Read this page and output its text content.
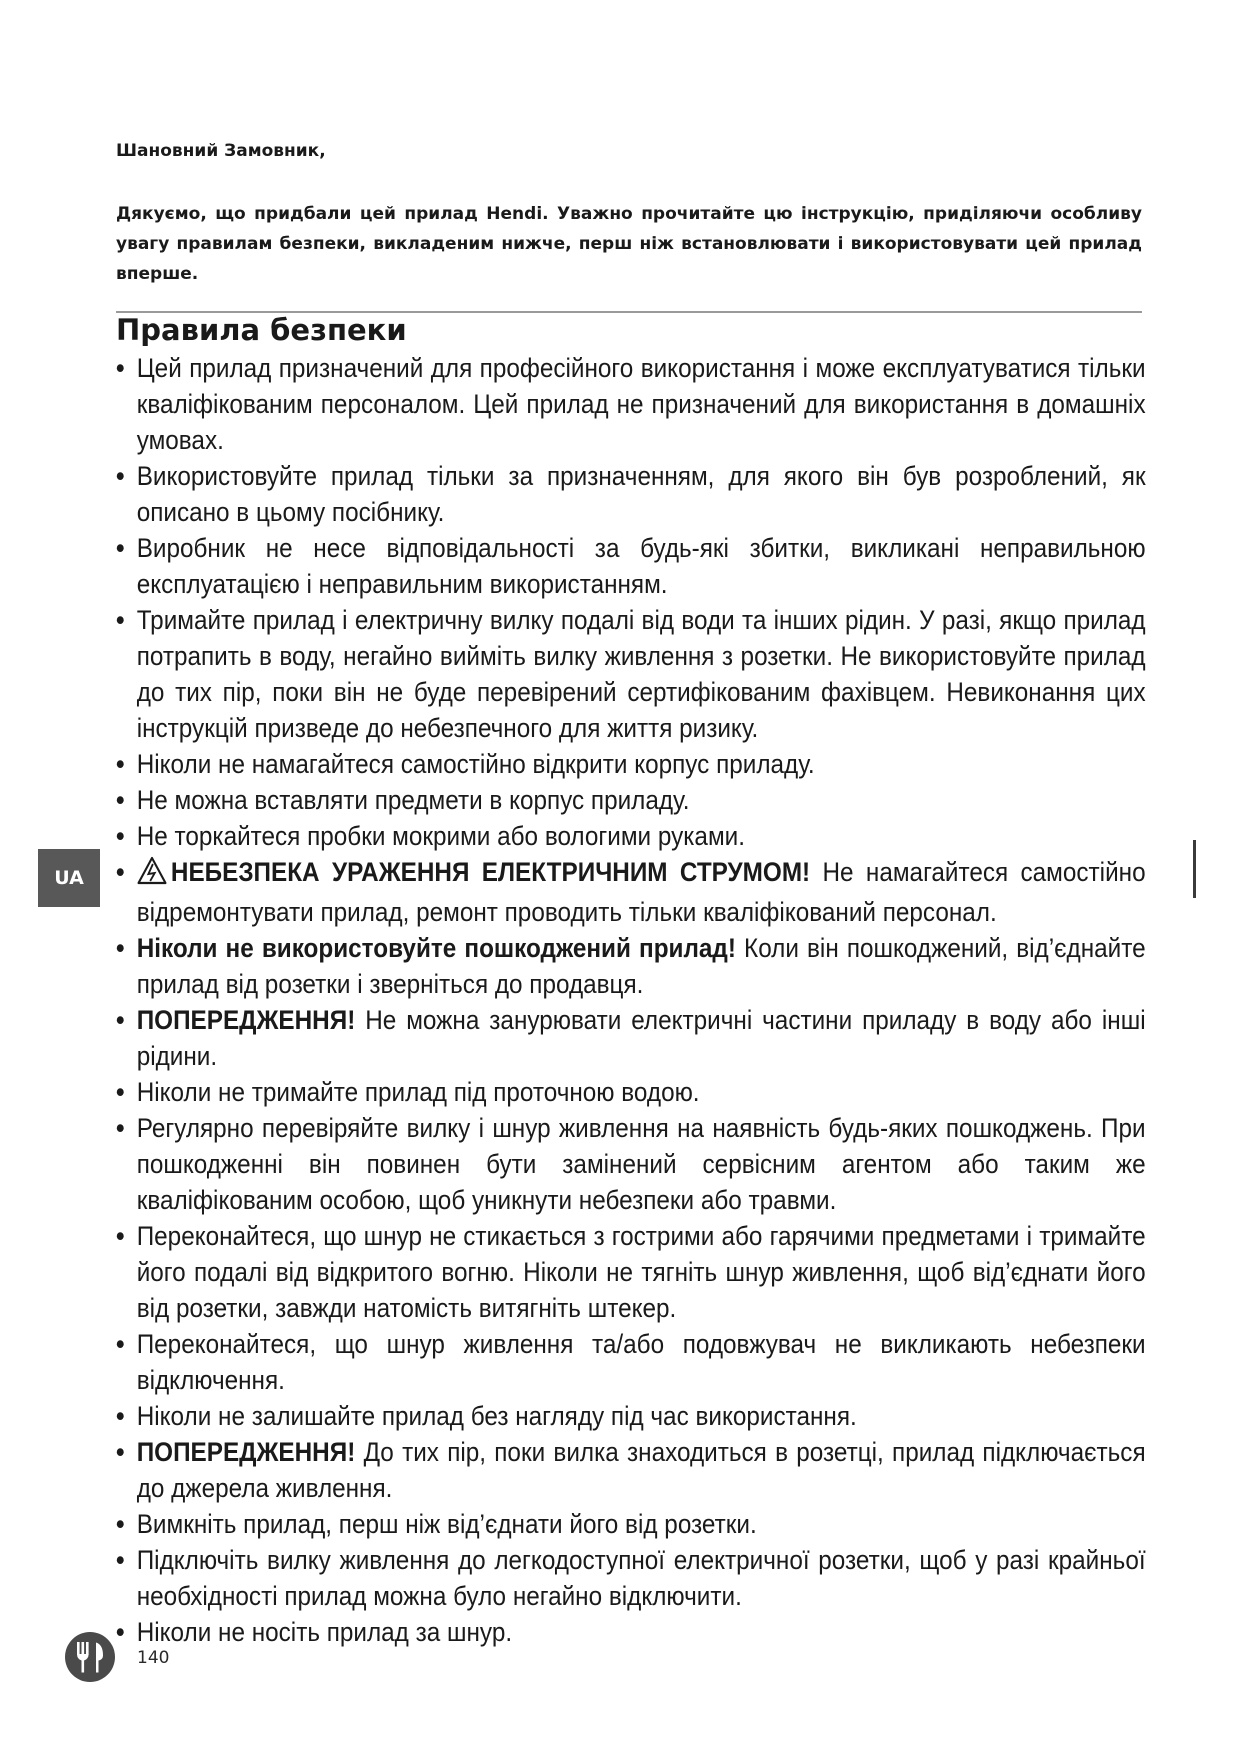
Шановний Замовник,
Дякуємо, що придбали цей прилад Hendi. Уважно прочитайте цю інструкцію, приділяючи особливу увагу правилам безпеки, викладеним нижче, перш ніж встановлювати і використовувати цей прилад вперше.
Правила безпеки
• Цей прилад призначений для професійного використання і може експлуатуватися тільки кваліфікованим персоналом. Цей прилад не призначений для використання в домашніх умовах.
• Використовуйте прилад тільки за призначенням, для якого він був розроблений, як описано в цьому посібнику.
• Виробник не несе відповідальності за будь-які збитки, викликані неправильною експлуатацією і неправильним використанням.
• Тримайте прилад і електричну вилку подалі від води та інших рідин. У разі, якщо прилад потрапить в воду, негайно вийміть вилку живлення з розетки. Не використовуйте прилад до тих пір, поки він не буде перевірений сертифікованим фахівцем. Невиконання цих інструкцій призведе до небезпечного для життя ризику.
• Ніколи не намагайтеся самостійно відкрити корпус приладу.
• Не можна вставляти предмети в корпус приладу.
• Не торкайтеся пробки мокрими або вологими руками.
• НЕБЕЗПЕКА УРАЖЕННЯ ЕЛЕКТРИЧНИМ СТРУМОМ! Не намагайтеся самостійно відремонтувати прилад, ремонт проводить тільки кваліфікований персонал.
• Ніколи не використовуйте пошкоджений прилад! Коли він пошкоджений, від’єднайте прилад від розетки і зверніться до продавця.
• ПОПЕРЕДЖЕННЯ! Не можна занурювати електричні частини приладу в воду або інші рідини.
• Ніколи не тримайте прилад під проточною водою.
• Регулярно перевіряйте вилку і шнур живлення на наявність будь-яких пошкоджень. При пошкодженні він повинен бути замінений сервісним агентом або таким же кваліфікованим особою, щоб уникнути небезпеки або травми.
• Переконайтеся, що шнур не стикається з гострими або гарячими предметами і тримайте його подалі від відкритого вогню. Ніколи не тягніть шнур живлення, щоб від’єднати його від розетки, завжди натомість витягніть штекер.
• Переконайтеся, що шнур живлення та/або подовжувач не викликають небезпеки відключення.
• Ніколи не залишайте прилад без нагляду під час використання.
• ПОПЕРЕДЖЕННЯ! До тих пір, поки вилка знаходиться в розетці, прилад підключається до джерела живлення.
• Вимкніть прилад, перш ніж від’єднати його від розетки.
• Підключіть вилку живлення до легкодоступної електричної розетки, щоб у разі крайньої необхідності прилад можна було негайно відключити.
• Ніколи не носіть прилад за шнур.
UA
140
